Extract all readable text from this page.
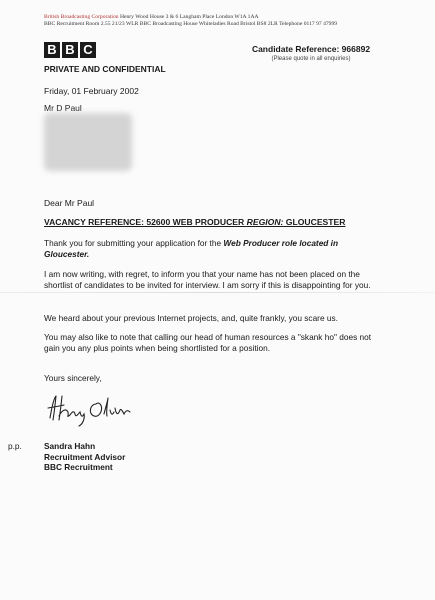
British Broadcasting Corporation Henry Wood House 3 & 6 Langham Place London W1A 1AA
BBC Recruitment Room 2.55 21/23 WLR BBC Broadcasting House Whiteladies Road Bristol BS8 2LR Telephone 0117 97 47999
B B C	Candidate Reference: 966892
(Please quote in all enquiries)
PRIVATE AND CONFIDENTIAL
Friday, 01 February 2002
Mr D Paul
Dear Mr Paul
VACANCY REFERENCE: 52600 WEB PRODUCER REGION: GLOUCESTER
Thank you for submitting your application for the Web Producer role located in Gloucester.
I am now writing, with regret, to inform you that your name has not been placed on the shortlist of candidates to be invited for interview. I am sorry if this is disappointing for you.
We heard about your previous Internet projects, and, quite frankly, you scare us.
You may also like to note that calling our head of human resources a "skank ho" does not gain you any plus points when being shortlisted for a position.
Yours sincerely,
p.p.	Sandra Hahn
Recruitment Advisor
BBC Recruitment
